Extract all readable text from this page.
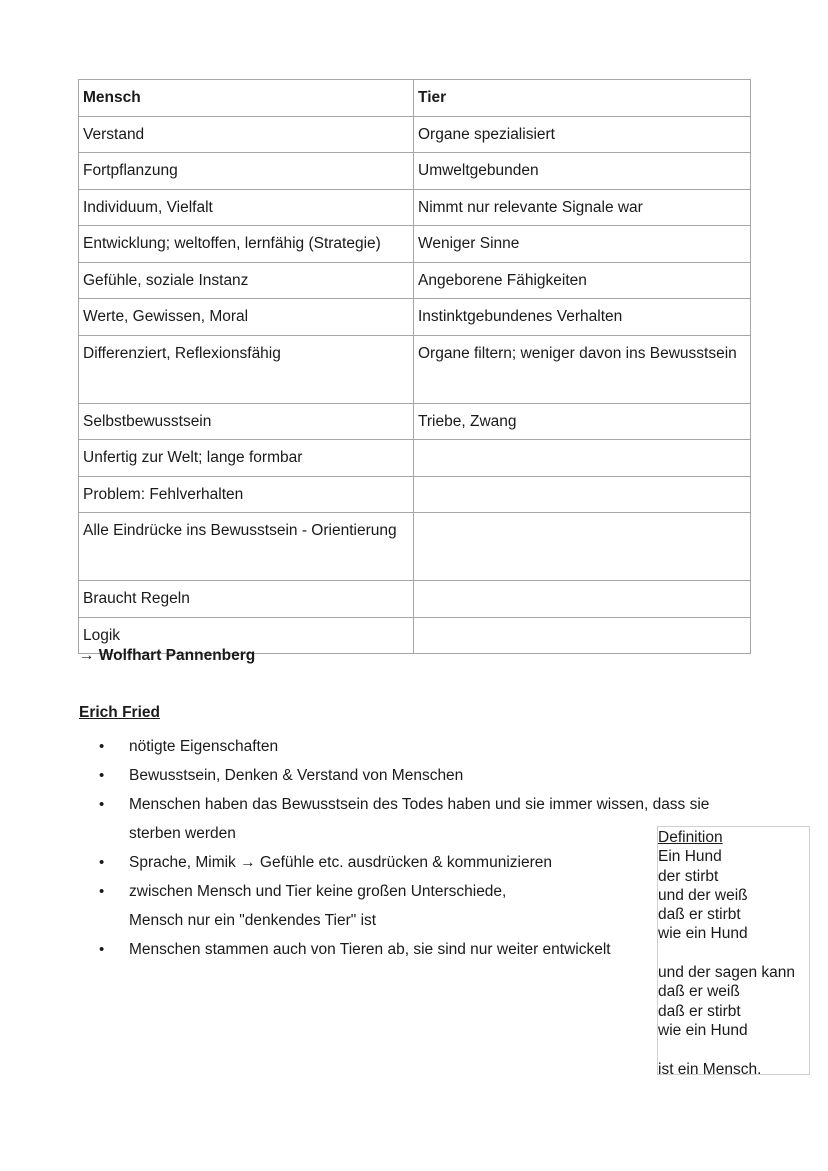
Mensch	Tier
Verstand	Organe spezialisiert
Fortpflanzung	Umweltgebunden
Individuum, Vielfalt	Nimmt nur relevante Signale war
Entwicklung; weltoffen, lernfähig (Strategie)	Weniger Sinne
Gefühle, soziale Instanz	Angeborene Fähigkeiten
Werte, Gewissen, Moral	Instinktgebundenes Verhalten
Differenziert, Reflexionsfähig	Organe filtern; weniger davon ins Bewusstsein
Selbstbewusstsein	Triebe, Zwang
Unfertig zur Welt; lange formbar	
Problem: Fehlverhalten	
Alle Eindrücke ins Bewusstsein - Orientierung	
Braucht Regeln	
Logik	
→ Wolfhart Pannenberg
Erich Fried
• nötigte Eigenschaften
• Bewusstsein, Denken & Verstand von Menschen
• Menschen haben das Bewusstsein des Todes haben und sie immer wissen, dass sie sterben werden
• Sprache, Mimik → Gefühle etc. ausdrücken & kommunizieren
• zwischen Mensch und Tier keine großen Unterschiede,
Mensch nur ein "denkendes Tier" ist
• Menschen stammen auch von Tieren ab, sie sind nur weiter entwickelt
Definition
Ein Hund
der stirbt
und der weiß
daß er stirbt
wie ein Hund
und der sagen kann
daß er weiß
daß er stirbt
wie ein Hund
ist ein Mensch.
